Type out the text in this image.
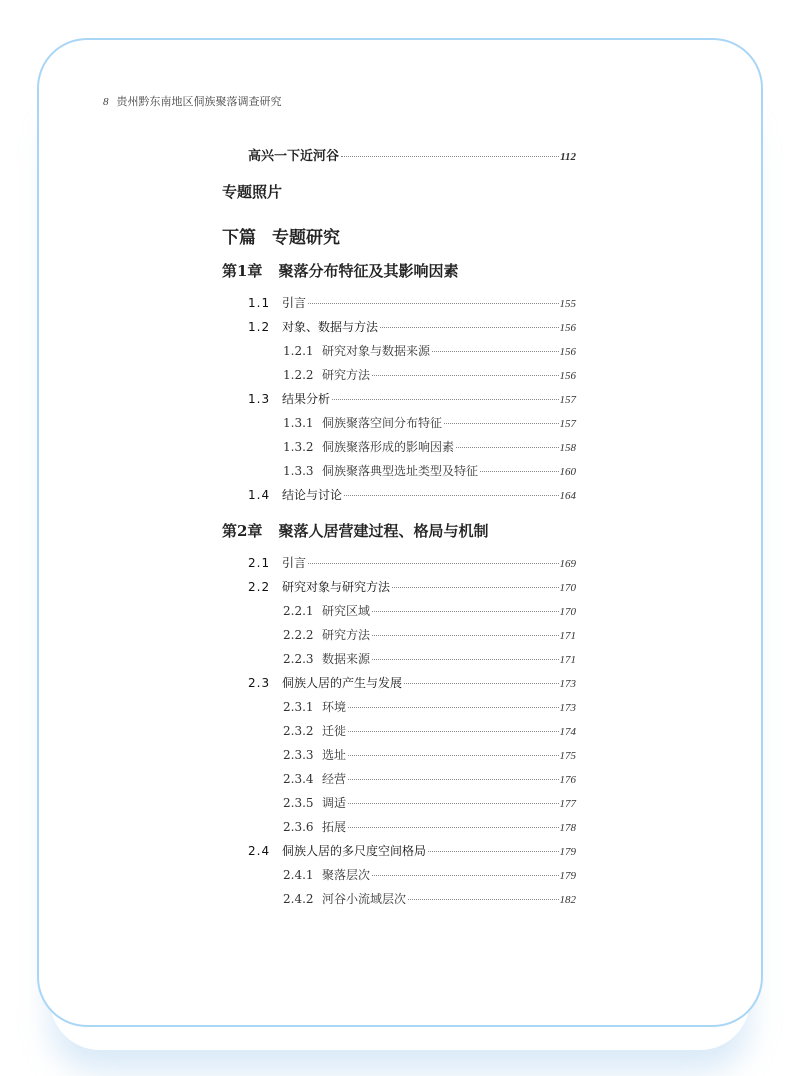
8 贵州黔东南地区侗族聚落调查研究
高兴一下近河谷	112
专题照片
下篇 专题研究
第1章 聚落分布特征及其影响因素
1.1 引言	155
1.2 对象、数据与方法	156
1.2.1 研究对象与数据来源	156
1.2.2 研究方法	156
1.3 结果分析	157
1.3.1 侗族聚落空间分布特征	157
1.3.2 侗族聚落形成的影响因素	158
1.3.3 侗族聚落典型选址类型及特征	160
1.4 结论与讨论	164
第2章 聚落人居营建过程、格局与机制
2.1 引言	169
2.2 研究对象与研究方法	170
2.2.1 研究区域	170
2.2.2 研究方法	171
2.2.3 数据来源	171
2.3 侗族人居的产生与发展	173
2.3.1 环境	173
2.3.2 迁徙	174
2.3.3 选址	175
2.3.4 经营	176
2.3.5 调适	177
2.3.6 拓展	178
2.4 侗族人居的多尺度空间格局	179
2.4.1 聚落层次	179
2.4.2 河谷小流域层次	182
